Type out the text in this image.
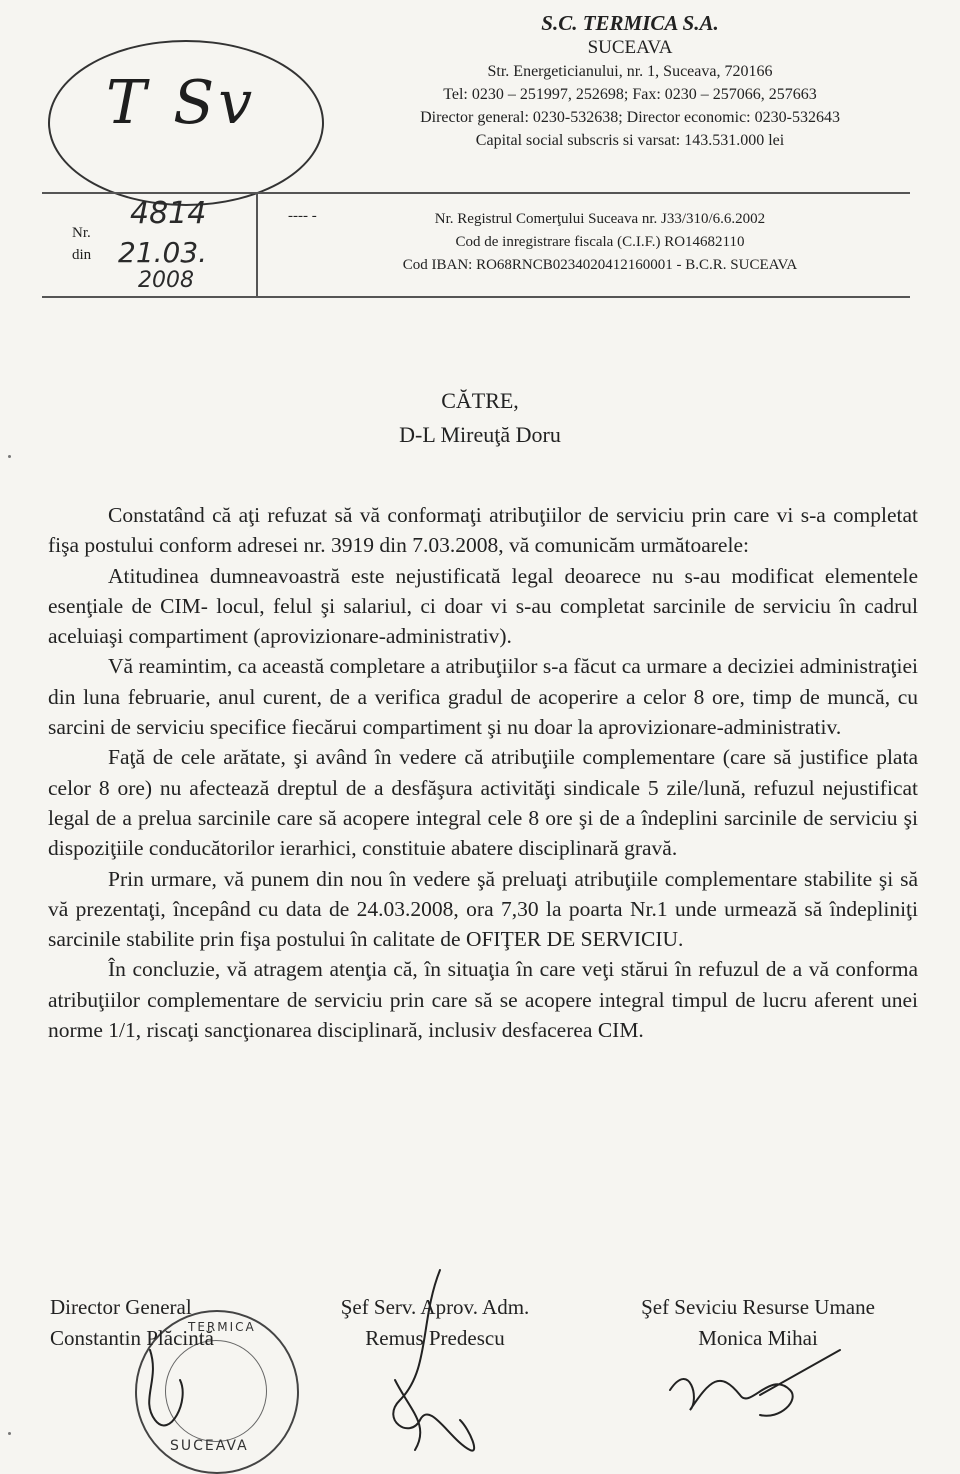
T Sv
S.C. TERMICA S.A.
SUCEAVA
Str. Energeticianului, nr. 1, Suceava, 720166
Tel: 0230 – 251997, 252698; Fax: 0230 – 257066, 257663
Director general: 0230-532638; Director economic: 0230-532643
Capital social subscris si varsat: 143.531.000 lei
Nr.
din
4814
21.03.
2008
---- -	Nr. Registrul Comerţului Suceava nr. J33/310/6.6.2002
Cod de inregistrare fiscala (C.I.F.) RO14682110
Cod IBAN: RO68RNCB0234020412160001 - B.C.R. SUCEAVA
CĂTRE,
D-L Mireuţă Doru

Constatând că aţi refuzat să vă conformaţi atribuţiilor de serviciu prin care vi s-a completat fişa postului conform adresei nr. 3919 din 7.03.2008, vă comunicăm următoarele:

Atitudinea dumneavoastră este nejustificată legal deoarece nu s-au modificat elementele esenţiale de CIM- locul, felul şi salariul, ci doar vi s-au completat sarcinile de serviciu în cadrul aceluiaşi compartiment (aprovizionare-administrativ).

Vă reamintim, ca această completare a atribuţiilor s-a făcut ca urmare a deciziei administraţiei din luna februarie, anul curent, de a verifica gradul de acoperire a celor 8 ore, timp de muncă, cu sarcini de serviciu specifice fiecărui compartiment şi nu doar la aprovizionare-administrativ.

Faţă de cele arătate, şi având în vedere că atribuţiile complementare (care să justifice plata celor 8 ore) nu afectează dreptul de a desfăşura activităţi sindicale 5 zile/lună, refuzul nejustificat legal de a prelua sarcinile care să acopere integral cele 8 ore şi de a îndeplini sarcinile de serviciu şi dispoziţiile conducătorilor ierarhici, constituie abatere disciplinară gravă.

Prin urmare, vă punem din nou în vedere şă preluaţi atribuţiile complementare stabilite şi să vă prezentaţi, începând cu data de 24.03.2008, ora 7,30 la poarta Nr.1 unde urmează să îndepliniţi sarcinile stabilite prin fişa postului în calitate de OFIŢER DE SERVICIU.

În concluzie, vă atragem atenţia că, în situaţia în care veţi stărui în refuzul de a vă conforma atribuţiilor complementare de serviciu prin care să se acopere integral timpul de lucru aferent unei norme 1/1, riscaţi sancţionarea disciplinară, inclusiv desfacerea CIM.

TERMICA
SUCEAVA
Director General
Constantin Plăcintă
Şef Serv. Aprov. Adm.
Remus Predescu
Şef Seviciu Resurse Umane
Monica Mihai
